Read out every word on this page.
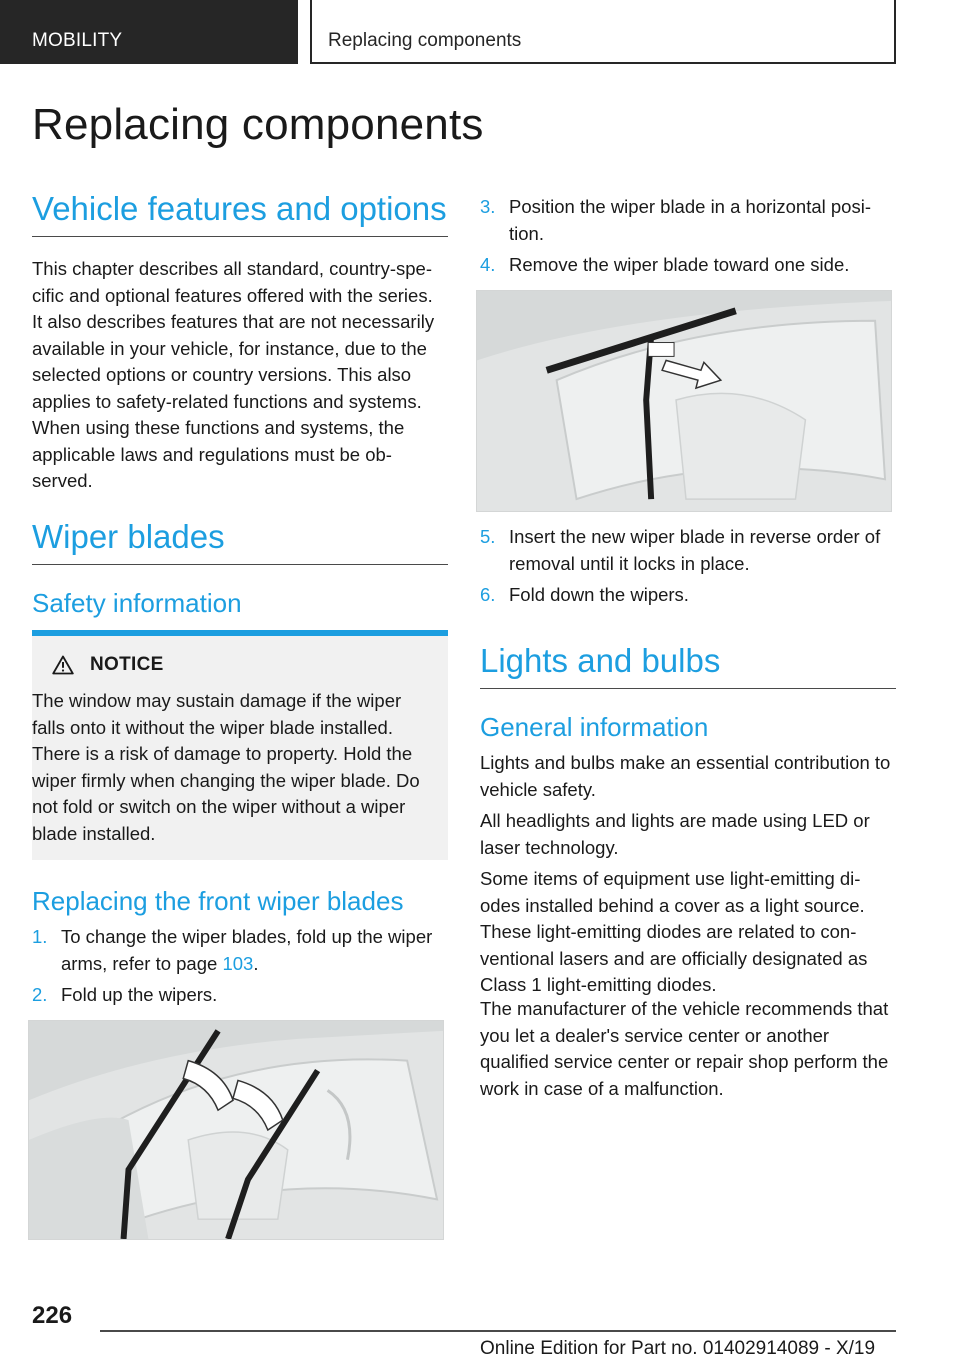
MOBILITY	Replacing components
Replacing components
Vehicle features and options

This chapter describes all standard, country-spe-cific and optional features offered with the series. It also describes features that are not necessarily available in your vehicle, for instance, due to the selected options or country versions. This also applies to safety-related functions and systems. When using these functions and systems, the applicable laws and regulations must be ob-served.

Wiper blades
Safety information
NOTICE

The window may sustain damage if the wiper falls onto it without the wiper blade installed. There is a risk of damage to property. Hold the wiper firmly when changing the wiper blade. Do not fold or switch on the wiper without a wiper blade installed.

Replacing the front wiper blades
1. To change the wiper blades, fold up the wiper arms, refer to page 103.
2. Fold up the wipers.
3. Position the wiper blade in a horizontal posi-tion.
4. Remove the wiper blade toward one side.
5. Insert the new wiper blade in reverse order of removal until it locks in place.
6. Fold down the wipers.
Lights and bulbs
General information

Lights and bulbs make an essential contribution to vehicle safety.

All headlights and lights are made using LED or laser technology.

Some items of equipment use light-emitting di-odes installed behind a cover as a light source. These light-emitting diodes are related to con-ventional lasers and are officially designated as Class 1 light-emitting diodes.

The manufacturer of the vehicle recommends that you let a dealer's service center or another qualified service center or repair shop perform the work in case of a malfunction.

226
Online Edition for Part no. 01402914089 - X/19
